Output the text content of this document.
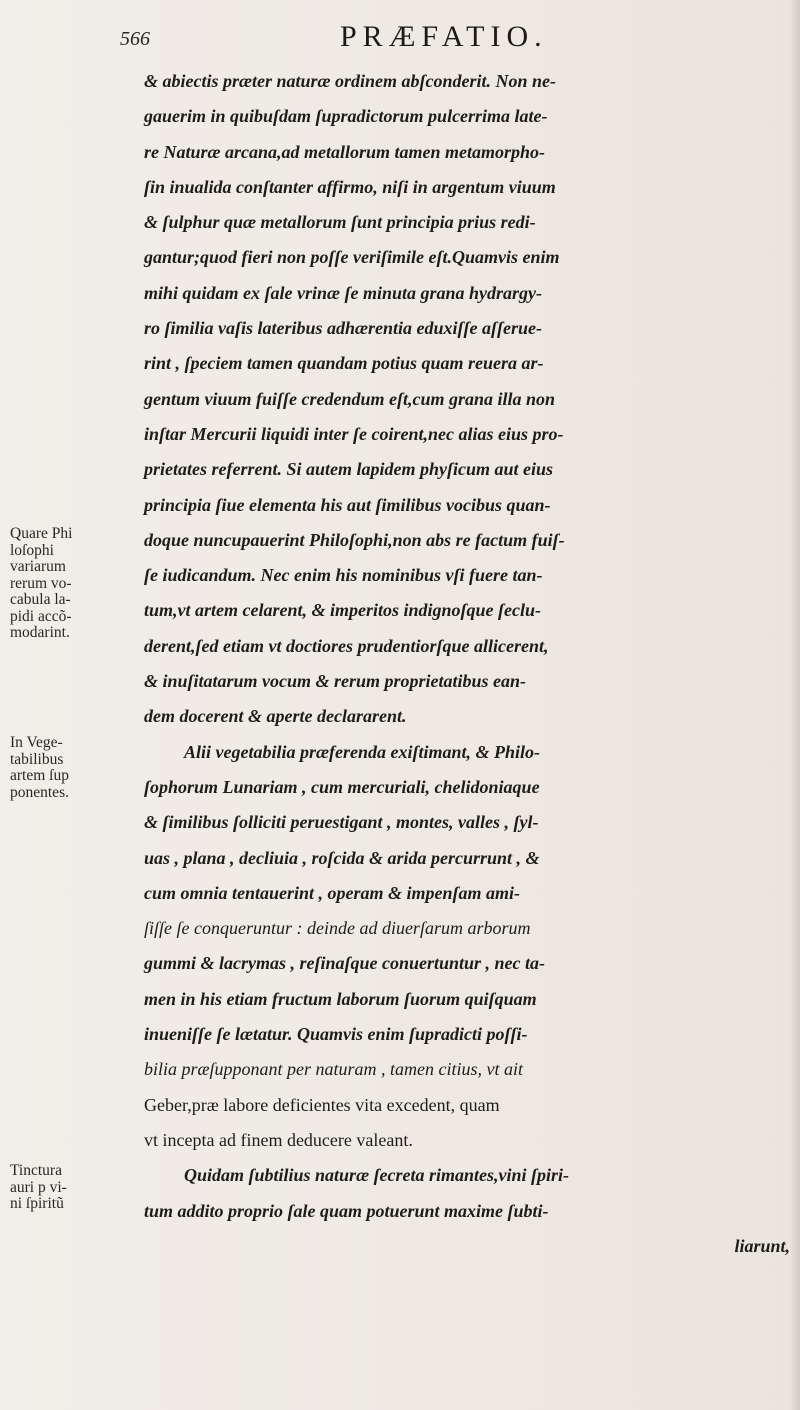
566	PRÆFATIO.
& abiectis præter naturæ ordinem abſconderit. Non ne-
gauerim in quibuſdam ſupradictorum pulcerrima late-
re Naturæ arcana,ad metallorum tamen metamorpho-
ſin inualida conſtanter affirmo, niſi in argentum viuum
& ſulphur quæ metallorum ſunt principia prius redi-
gantur;quod fieri non poſſe veriſimile eſt.Quamvis enim
mihi quidam ex ſale vrinæ ſe minuta grana hydrargy-
ro ſimilia vaſis lateribus adhærentia eduxiſſe aſſerue-
rint , ſpeciem tamen quandam potius quam reuera ar-
gentum viuum fuiſſe credendum eſt,cum grana illa non
inſtar Mercurii liquidi inter ſe coirent,nec alias eius pro-
prietates referrent. Si autem lapidem phyſicum aut eius
principia ſiue elementa his aut ſimilibus vocibus quan-
doque nuncupauerint Philoſophi,non abs re factum fuiſ-
ſe iudicandum. Nec enim his nominibus vſi fuere tan-
tum,vt artem celarent, & imperitos indignoſque ſeclu-
derent,ſed etiam vt doctiores prudentiorſque allicerent,
& inuſitatarum vocum & rerum proprietatibus ean-
dem docerent & aperte declararent.
Alii vegetabilia præferenda exiſtimant, & Philo-
ſophorum Lunariam , cum mercuriali, chelidoniaque
& ſimilibus ſolliciti peruestigant , montes, valles , ſyl-
uas , plana , decliuia , roſcida & arida percurrunt , &
cum omnia tentauerint , operam & impenſam ami-
ſiſſe ſe conqueruntur : deinde ad diuerſarum arborum
gummi & lacrymas , reſinaſque conuertuntur , nec ta-
men in his etiam fructum laborum ſuorum quiſquam
inueniſſe ſe lætatur. Quamvis enim ſupradicti poſſi-
bilia præſupponant per naturam , tamen citius, vt ait
Geber,præ labore deficientes vita excedent, quam
vt incepta ad finem deducere valeant.
Quidam ſubtilius naturæ ſecreta rimantes,vini ſpiri-
tum addito proprio ſale quam potuerunt maxime ſubti-
liarunt,
Quare Phi
loſophi
variarum
rerum vo-
cabula la-
pidi accõ-
modarint.
In Vege-
tabilibus
artem ſup
ponentes.
Tinctura
auri p vi-
ni ſpiritũ
